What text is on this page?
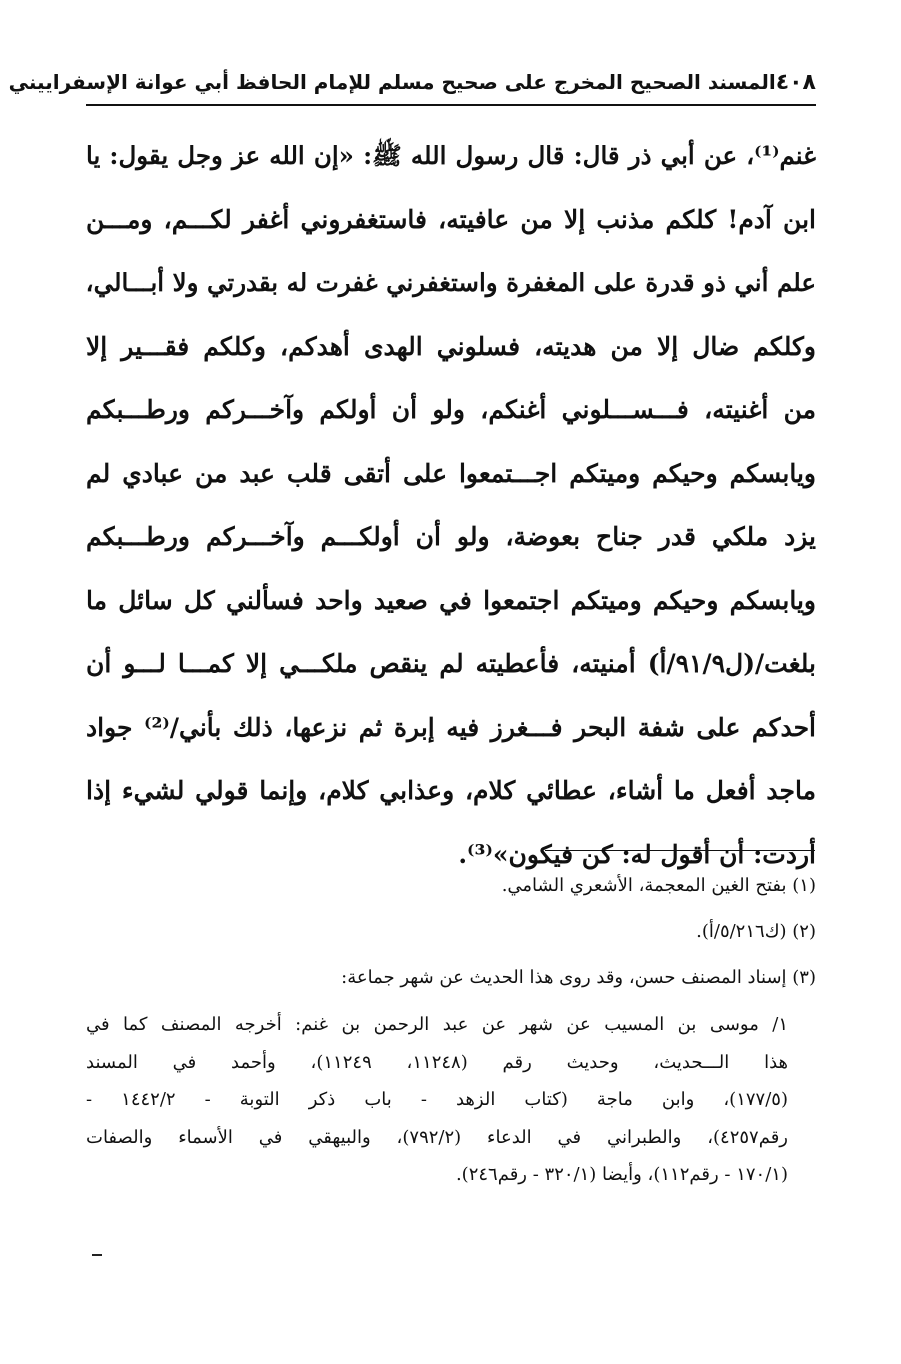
٤٠٨
المسند الصحيح المخرج على صحيح مسلم للإمام الحافظ أبي عوانة الإسفراييني
غنم⁽¹⁾، عن أبي ذر قال: قال رسول الله ﷺ: «إن الله عز وجل يقول: يا
ابن آدم! كلكم مذنب إلا من عافيته، فاستغفروني أغفر لكـــم، ومـــن
علم أني ذو قدرة على المغفرة واستغفرني غفرت له بقدرتي ولا أبـــالي،
وكلكم ضال إلا من هديته، فسلوني الهدى أهدكم، وكلكم فقـــير إلا
من أغنيته، فـــســـلوني أغنكم، ولو أن أولكم وآخـــركم ورطـــبكم
ويابسكم وحيكم وميتكم اجـــتمعوا على أتقى قلب عبد من عبادي لم
يزد ملكي قدر جناح بعوضة، ولو أن أولكـــم وآخـــركم ورطـــبكم
ويابسكم وحيكم وميتكم اجتمعوا في صعيد واحد فسألني كل سائل ما
بلغت/(ل٩١/٩/أ) أمنيته، فأعطيته لم ينقص ملكـــي إلا كمـــا لـــو أن
أحدكم على شفة البحر فـــغرز فيه إبرة ثم نزعها، ذلك بأني/⁽²⁾ جواد
ماجد أفعل ما أشاء، عطائي كلام، وعذابي كلام، وإنما قولي لشيء إذا
أردت: أن أقول له: كن فيكون»⁽³⁾.
(١) بفتح الغين المعجمة، الأشعري الشامي.
(٢) (ك٥/٢١٦/أ).
(٣) إسناد المصنف حسن، وقد روى هذا الحديث عن شهر جماعة:
١/ موسى بن المسيب عن شهر عن عبد الرحمن بن غنم: أخرجه المصنف كما في
هذا الـــحديث، وحديث رقم (١١٢٤٨، ١١٢٤٩)، وأحمد في المسند
(١٧٧/٥)، وابن ماجة (كتاب الزهد - باب ذكر التوبة - ١٤٤٢/٢ -
رقم٤٢٥٧)، والطبراني في الدعاء (٧٩٢/٢)، والبيهقي في الأسماء والصفات
(١٧٠/١ - رقم١١٢)، وأيضا (٣٢٠/١ - رقم٢٤٦).
